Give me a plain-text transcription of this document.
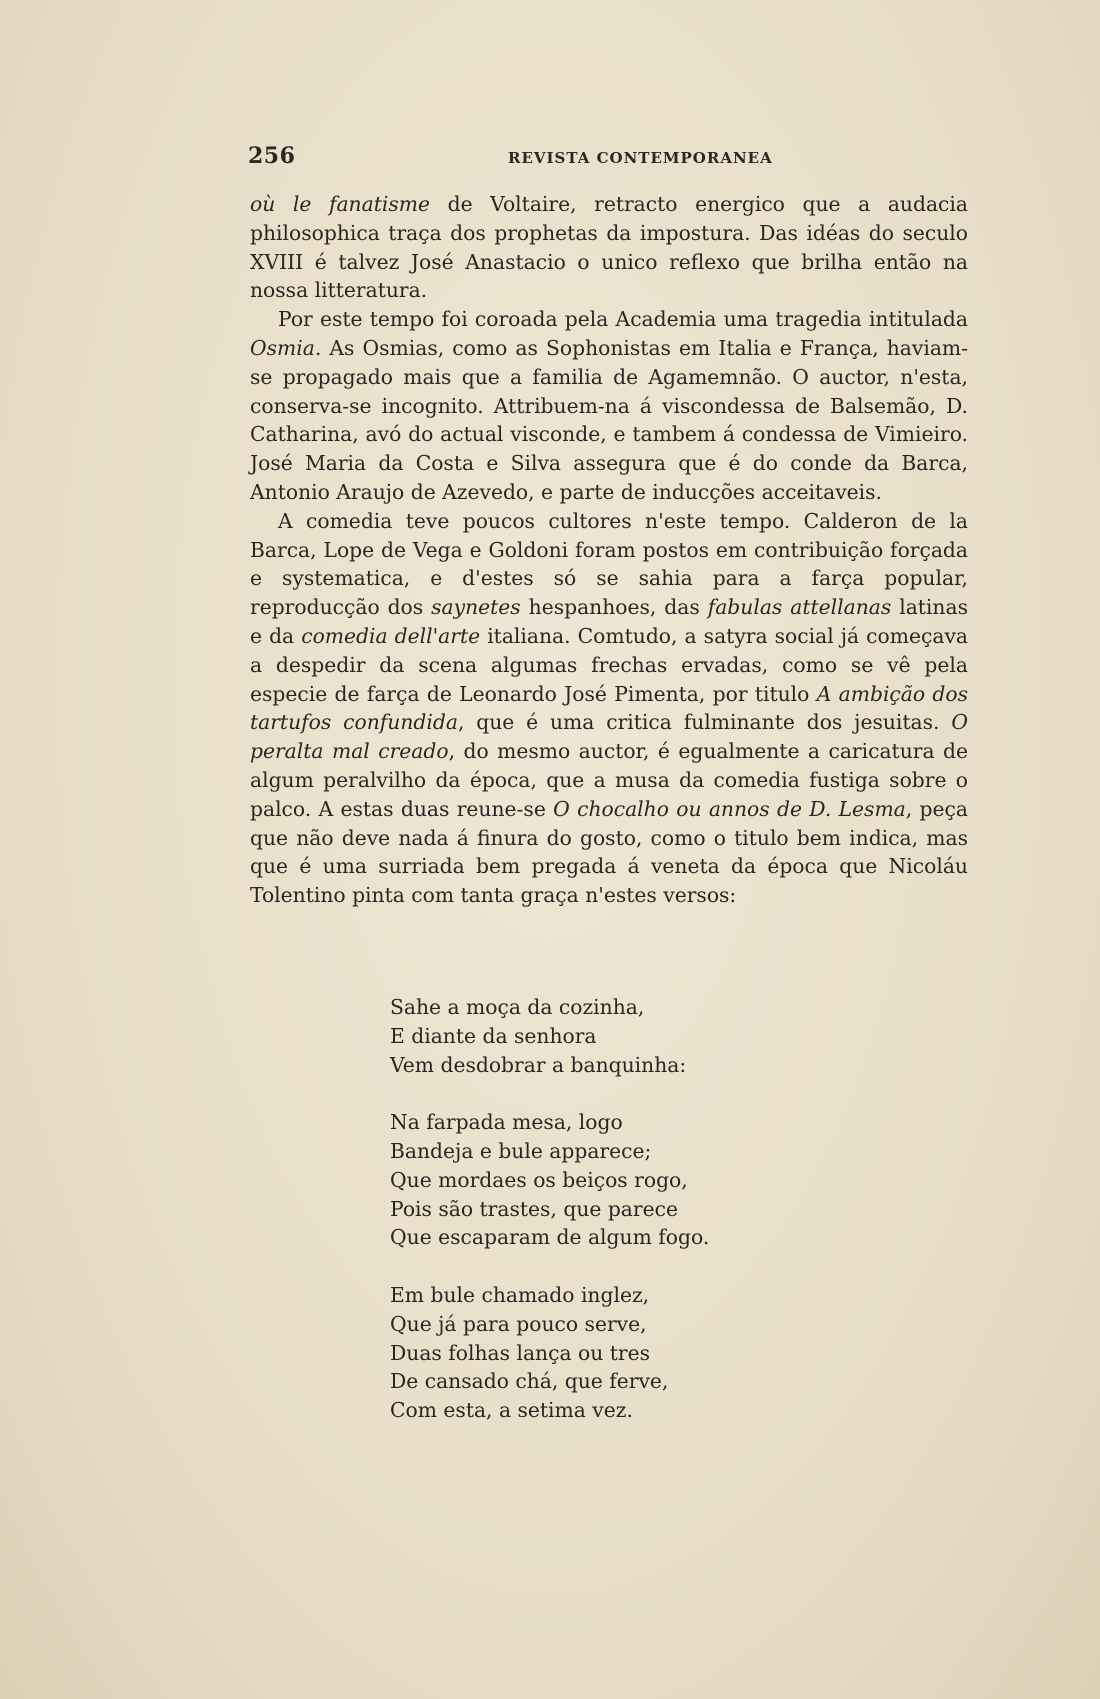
256	REVISTA CONTEMPORANEA

où le fanatisme de Voltaire, retracto energico que a audacia philosophica traça dos prophetas da impostura. Das idéas do seculo XVIII é talvez José Anastacio o unico reflexo que brilha então na nossa litteratura.

Por este tempo foi coroada pela Academia uma tragedia intitulada Osmia. As Osmias, como as Sophonistas em Italia e França, haviam-se propagado mais que a familia de Agamemnão. O auctor, n'esta, conserva-se incognito. Attribuem-na á viscondessa de Balsemão, D. Catharina, avó do actual visconde, e tambem á condessa de Vimieiro. José Maria da Costa e Silva assegura que é do conde da Barca, Antonio Araujo de Azevedo, e parte de inducções acceitaveis.

A comedia teve poucos cultores n'este tempo. Calderon de la Barca, Lope de Vega e Goldoni foram postos em contribuição forçada e systematica, e d'estes só se sahia para a farça popular, reproducção dos saynetes hespanhoes, das fabulas attellanas latinas e da comedia dell'arte italiana. Comtudo, a satyra social já começava a despedir da scena algumas frechas ervadas, como se vê pela especie de farça de Leonardo José Pimenta, por titulo A ambição dos tartufos confundida, que é uma critica fulminante dos jesuitas. O peralta mal creado, do mesmo auctor, é egualmente a caricatura de algum peralvilho da época, que a musa da comedia fustiga sobre o palco. A estas duas reune-se O chocalho ou annos de D. Lesma, peça que não deve nada á finura do gosto, como o titulo bem indica, mas que é uma surriada bem pregada á veneta da época que Nicoláu Tolentino pinta com tanta graça n'estes versos:

Sahe a moça da cozinha,
E diante da senhora
Vem desdobrar a banquinha:
Na farpada mesa, logo
Bandeja e bule apparece;
Que mordaes os beiços rogo,
Pois são trastes, que parece
Que escaparam de algum fogo.
Em bule chamado inglez,
Que já para pouco serve,
Duas folhas lança ou tres
De cansado chá, que ferve,
Com esta, a setima vez.
